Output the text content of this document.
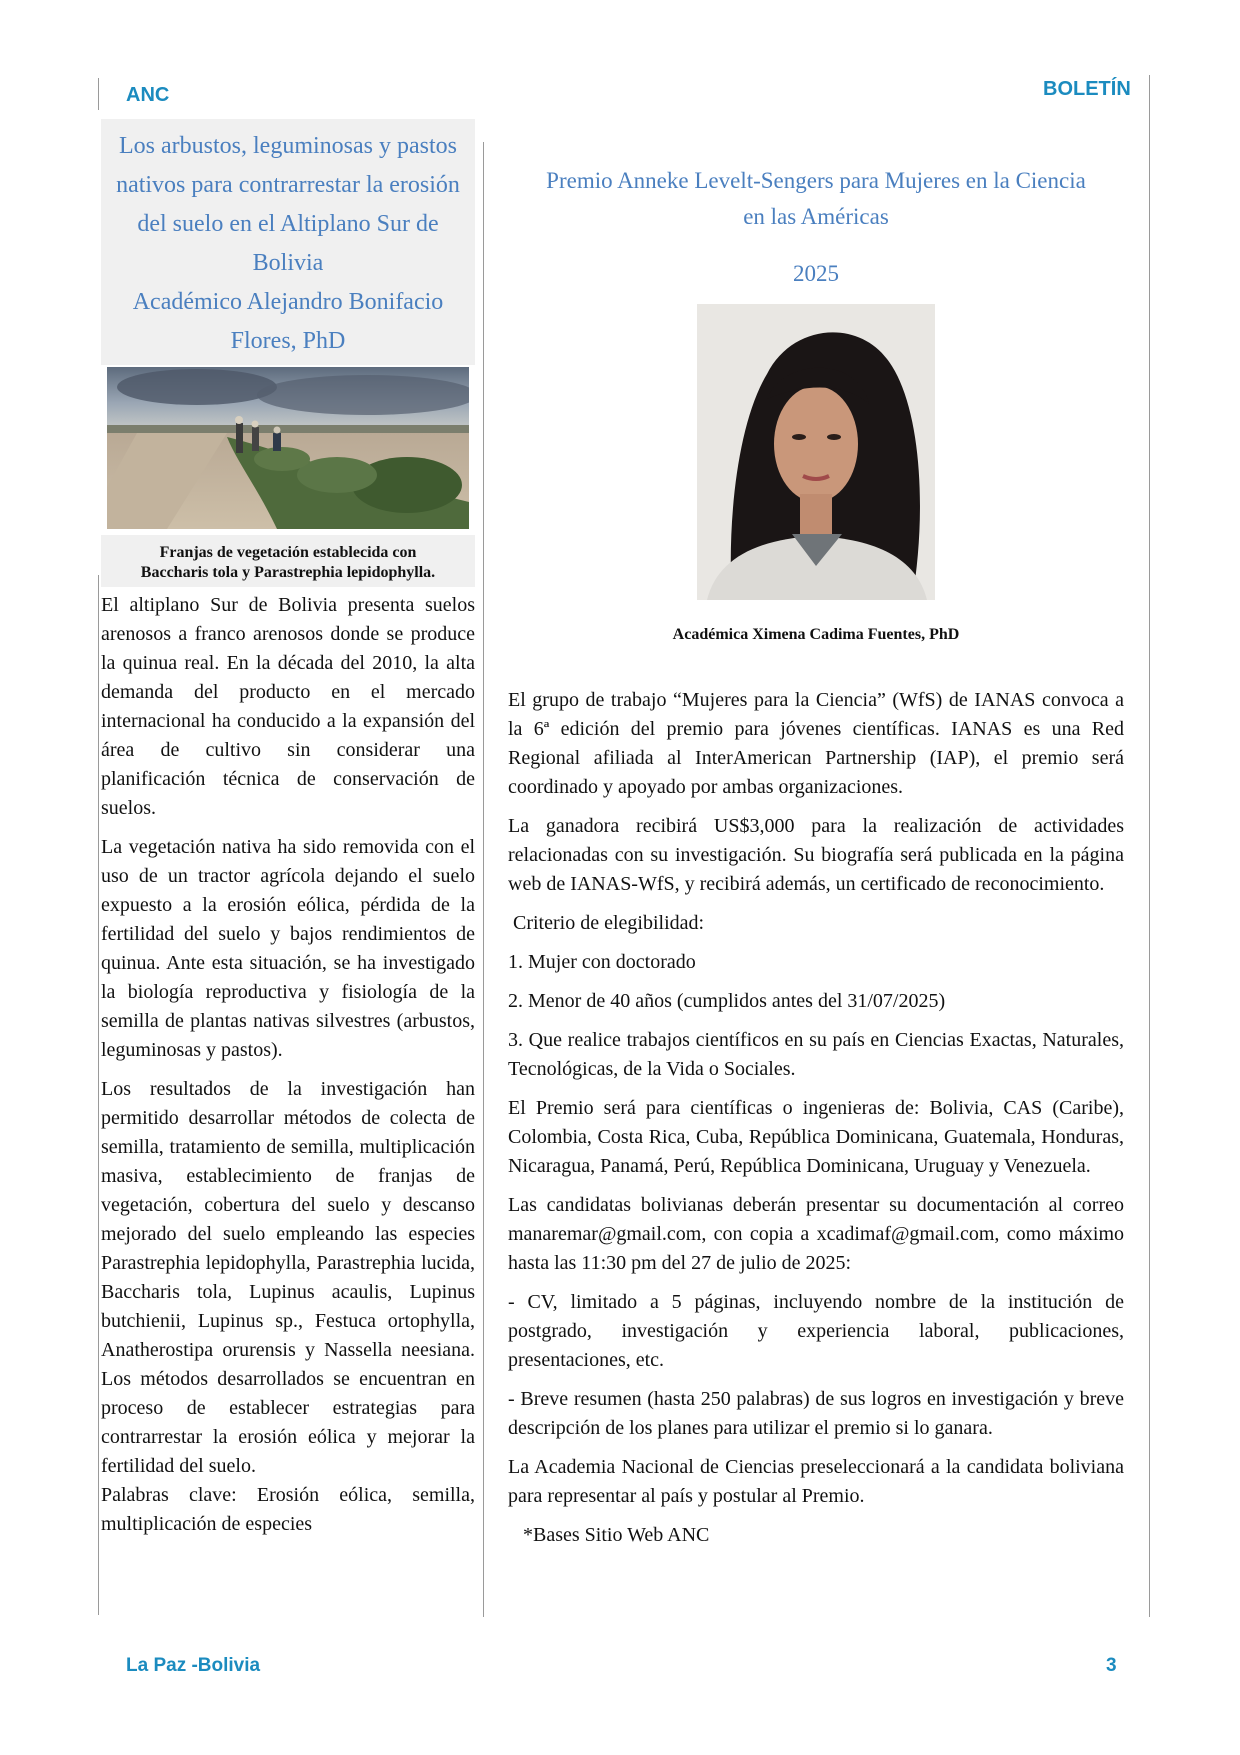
ANC	BOLETÍN
Los arbustos, leguminosas y pastos
nativos para contrarrestar la erosión
del suelo en el Altiplano Sur de
Bolivia
Académico Alejandro Bonifacio
Flores, PhD
Franjas de vegetación establecida con
Baccharis tola y Parastrephia lepidophylla.

El altiplano Sur de Bolivia presenta suelos arenosos a franco arenosos donde se produce la quinua real. En la década del 2010, la alta demanda del producto en el mercado internacional ha conducido a la expansión del área de cultivo sin considerar una planificación técnica de conservación de suelos.

La vegetación nativa ha sido removida con el uso de un tractor agrícola dejando el suelo expuesto a la erosión eólica, pérdida de la fertilidad del suelo y bajos rendimientos de quinua. Ante esta situación, se ha investigado la biología reproductiva y fisiología de la semilla de plantas nativas silvestres (arbustos, leguminosas y pastos).

Los resultados de la investigación han permitido desarrollar métodos de colecta de semilla, tratamiento de semilla, multiplicación masiva, establecimiento de franjas de vegetación, cobertura del suelo y descanso mejorado del suelo empleando las especies Parastrephia lepidophylla, Parastrephia lucida, Baccharis tola, Lupinus acaulis, Lupinus butchienii, Lupinus sp., Festuca ortophylla, Anatherostipa orurensis y Nassella neesiana. Los métodos desarrollados se encuentran en proceso de establecer estrategias para contrarrestar la erosión eólica y mejorar la fertilidad del suelo.

Palabras clave: Erosión eólica, semilla, multiplicación de especies

Premio Anneke Levelt-Sengers para Mujeres en la Ciencia
en las Américas
2025
Académica Ximena Cadima Fuentes, PhD

El grupo de trabajo “Mujeres para la Ciencia” (WfS) de IANAS convoca a la 6ª edición del premio para jóvenes científicas. IANAS es una Red Regional afiliada al InterAmerican Partnership (IAP), el premio será coordinado y apoyado por ambas organizaciones.

La ganadora recibirá US$3,000 para la realización de actividades relacionadas con su investigación. Su biografía será publicada en la página web de IANAS-WfS, y recibirá además, un certificado de reconocimiento.

Criterio de elegibilidad:

1. Mujer con doctorado

2. Menor de 40 años (cumplidos antes del 31/07/2025)

3. Que realice trabajos científicos en su país en Ciencias Exactas, Naturales, Tecnológicas, de la Vida o Sociales.

El Premio será para científicas o ingenieras de: Bolivia, CAS (Caribe), Colombia, Costa Rica, Cuba, República Dominicana, Guatemala, Honduras, Nicaragua, Panamá, Perú, República Dominicana, Uruguay y Venezuela.

Las candidatas bolivianas deberán presentar su documentación al correo manaremar@gmail.com, con copia a xcadimaf@gmail.com, como máximo hasta las 11:30 pm del 27 de julio de 2025:

- CV, limitado a 5 páginas, incluyendo nombre de la institución de postgrado, investigación y experiencia laboral, publicaciones, presentaciones, etc.

- Breve resumen (hasta 250 palabras) de sus logros en investigación y breve descripción de los planes para utilizar el premio si lo ganara.

La Academia Nacional de Ciencias preseleccionará a la candidata boliviana para representar al país y postular al Premio.

*Bases Sitio Web ANC

La Paz -Bolivia	3
